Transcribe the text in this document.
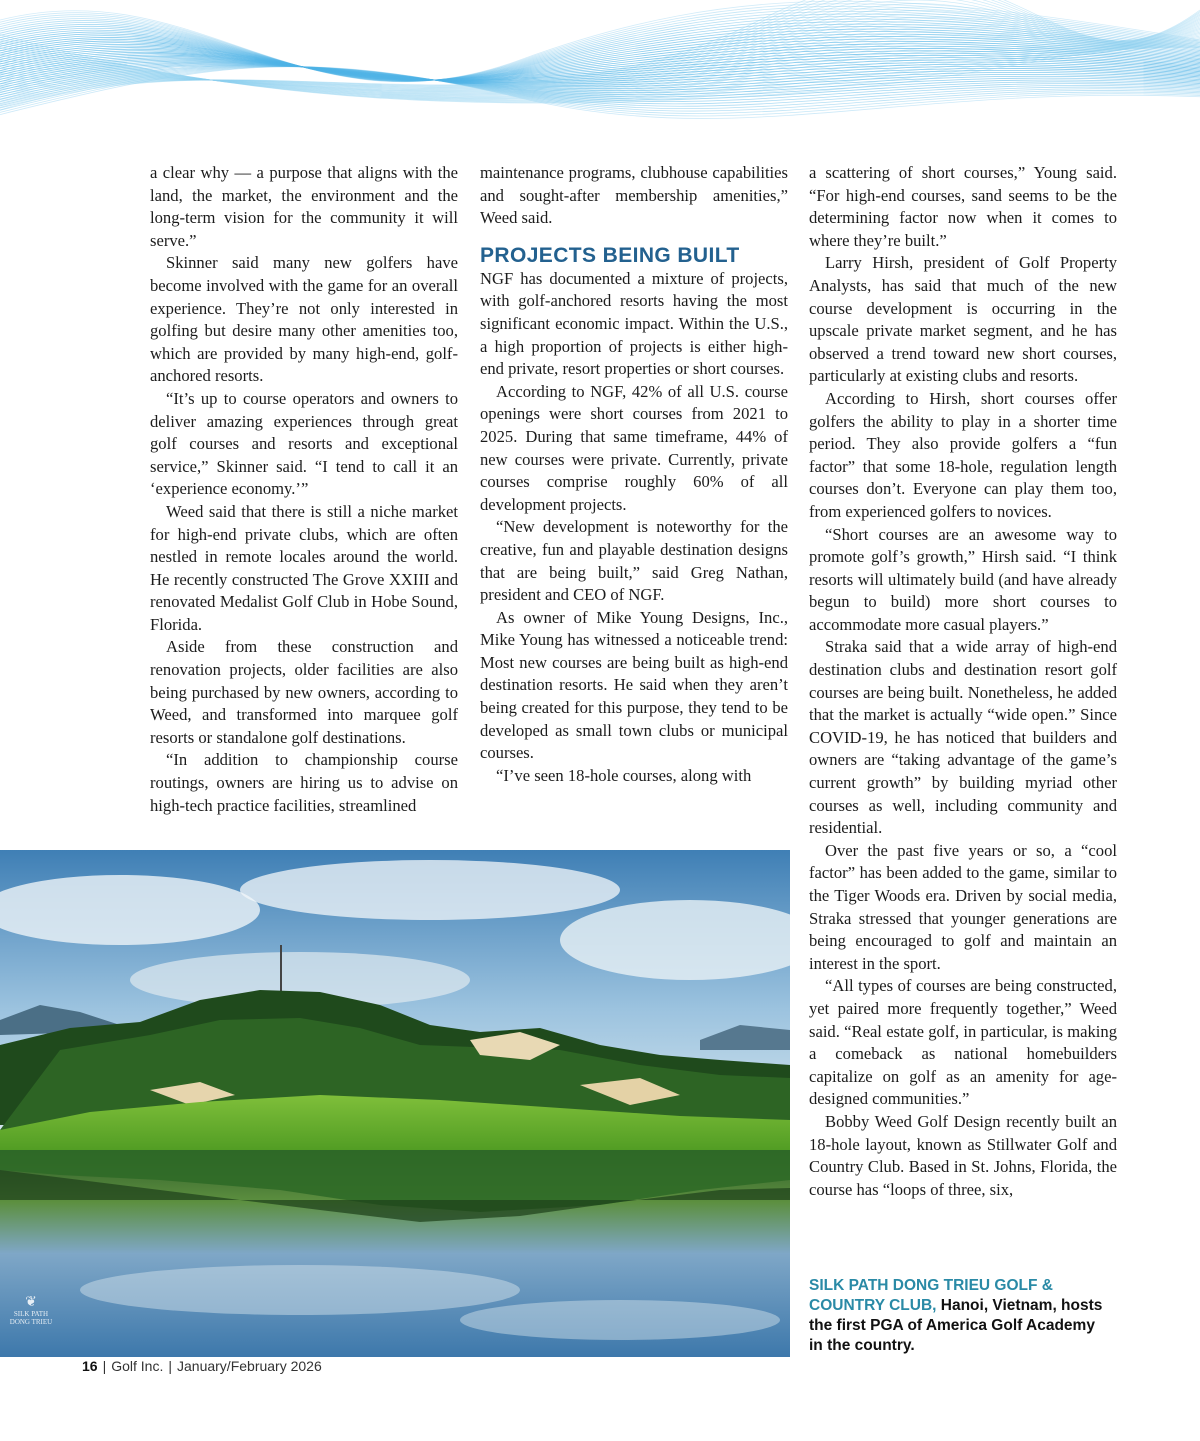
a clear why — a purpose that aligns with the land, the market, the environment and the long-term vision for the community it will serve.”

Skinner said many new golfers have become involved with the game for an overall experience. They’re not only interested in golfing but desire many other amenities too, which are provided by many high-end, golf-anchored resorts.

“It’s up to course operators and owners to deliver amazing experiences through great golf courses and resorts and exceptional service,” Skinner said. “I tend to call it an ‘experience economy.’”

Weed said that there is still a niche market for high-end private clubs, which are often nestled in remote locales around the world. He recently constructed The Grove XXIII and renovated Medalist Golf Club in Hobe Sound, Florida.

Aside from these construction and renovation projects, older facilities are also being purchased by new owners, according to Weed, and transformed into marquee golf resorts or standalone golf destinations.

“In addition to championship course routings, owners are hiring us to advise on high-tech practice facilities, streamlined

maintenance programs, clubhouse capabilities and sought-after membership amenities,” Weed said.

PROJECTS BEING BUILT

NGF has documented a mixture of projects, with golf-anchored resorts having the most significant economic impact. Within the U.S., a high proportion of projects is either high-end private, resort properties or short courses.

According to NGF, 42% of all U.S. course openings were short courses from 2021 to 2025. During that same timeframe, 44% of new courses were private. Currently, private courses comprise roughly 60% of all development projects.

“New development is noteworthy for the creative, fun and playable destination designs that are being built,” said Greg Nathan, president and CEO of NGF.

As owner of Mike Young Designs, Inc., Mike Young has witnessed a noticeable trend: Most new courses are being built as high-end destination resorts. He said when they aren’t being created for this purpose, they tend to be developed as small town clubs or municipal courses.

“I’ve seen 18-hole courses, along with

a scattering of short courses,” Young said. “For high-end courses, sand seems to be the determining factor now when it comes to where they’re built.”

Larry Hirsh, president of Golf Property Analysts, has said that much of the new course development is occurring in the upscale private market segment, and he has observed a trend toward new short courses, particularly at existing clubs and resorts.

According to Hirsh, short courses offer golfers the ability to play in a shorter time period. They also provide golfers a “fun factor” that some 18-hole, regulation length courses don’t. Everyone can play them too, from experienced golfers to novices.

“Short courses are an awesome way to promote golf’s growth,” Hirsh said. “I think resorts will ultimately build (and have already begun to build) more short courses to accommodate more casual players.”

Straka said that a wide array of high-end destination clubs and destination resort golf courses are being built. Nonetheless, he added that the market is actually “wide open.” Since COVID-19, he has noticed that builders and owners are “taking advantage of the game’s current growth” by building myriad other courses as well, including community and residential.

Over the past five years or so, a “cool factor” has been added to the game, similar to the Tiger Woods era. Driven by social media, Straka stressed that younger generations are being encouraged to golf and maintain an interest in the sport.

“All types of courses are being constructed, yet paired more frequently together,” Weed said. “Real estate golf, in particular, is making a comeback as national homebuilders capitalize on golf as an amenity for age-designed communities.”

Bobby Weed Golf Design recently built an 18-hole layout, known as Stillwater Golf and Country Club. Based in St. Johns, Florida, the course has “loops of three, six,

❦
SILK PATH
DONG TRIEU
SILK PATH DONG TRIEU GOLF & COUNTRY CLUB, Hanoi, Vietnam, hosts the first PGA of America Golf Academy in the country.
16 | Golf Inc. | January/February 2026
